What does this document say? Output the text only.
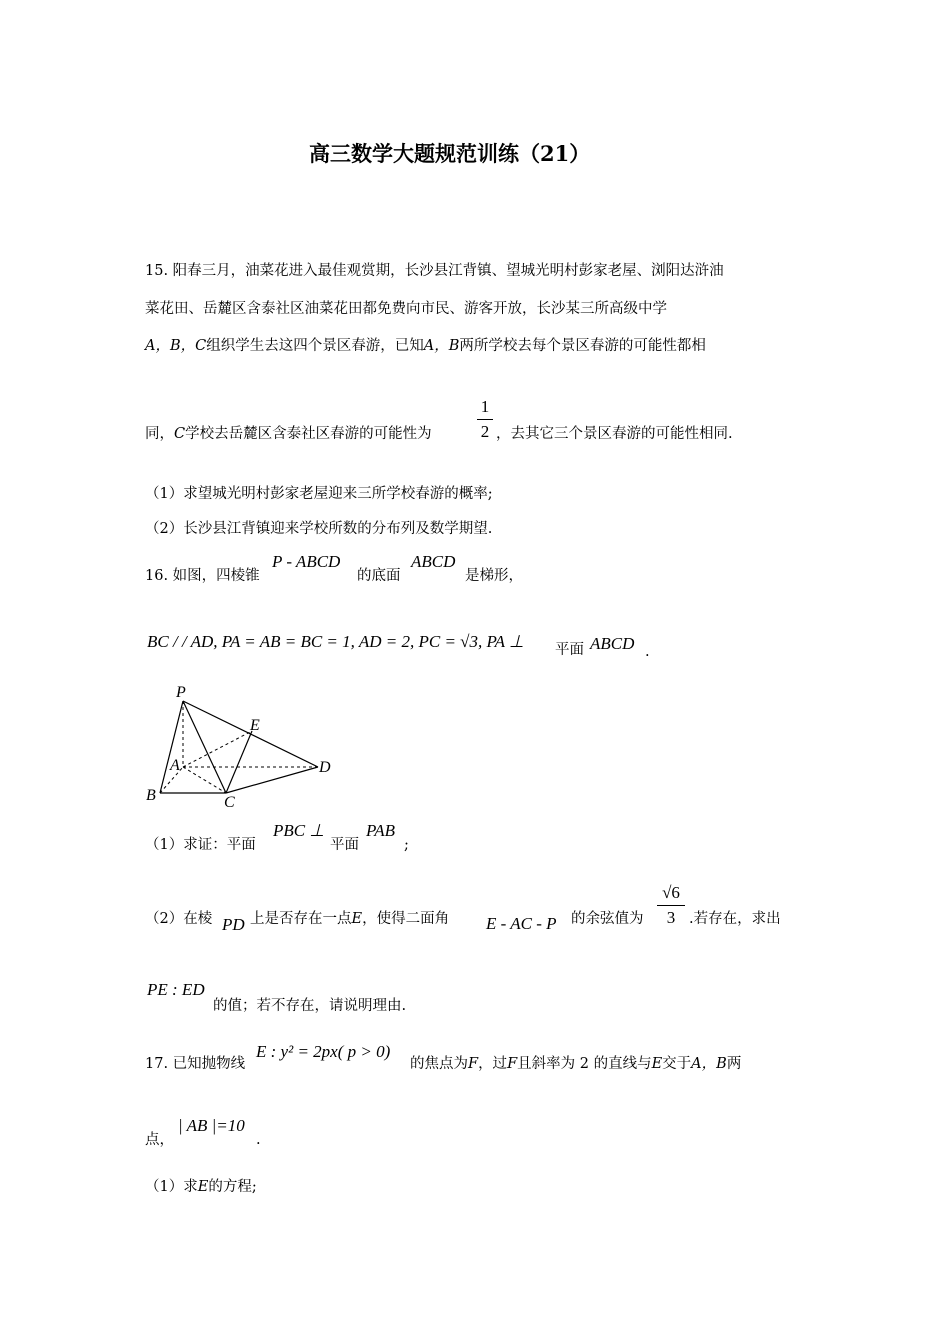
高三数学大题规范训练（21）
15. 阳春三月，油菜花进入最佳观赏期，长沙县江背镇、望城光明村彭家老屋、浏阳达浒油
菜花田、岳麓区含泰社区油菜花田都免费向市民、游客开放，长沙某三所高级中学
A，B，C组织学生去这四个景区春游，已知A，B两所学校去每个景区春游的可能性都相
同，C学校去岳麓区含泰社区春游的可能性为
1
2 ，去其它三个景区春游的可能性相同.
（1）求望城光明村彭家老屋迎来三所学校春游的概率;
（2）长沙县江背镇迎来学校所数的分布列及数学期望.
16. 如图，四棱锥
P - ABCD
的底面
ABCD
是梯形，
BC / / AD, PA = AB = BC = 1, AD = 2, PC = √3, PA ⊥ 平面 ABCD .
P
E
A	D
B	C
（1）求证：平面
PBC ⊥
平面
PAB
;
（2）在棱 PD 上是否存在一点E，使得二面角 E - AC - P 的余弦值为
√6
3 .若存在，求出
PE : ED
的值；若不存在，请说明理由.
17. 已知抛物线
E : y² = 2px( p > 0)
的焦点为F，过F且斜率为 2 的直线与E交于A，B两
点，
| AB |=10
.
（1）求E的方程;
